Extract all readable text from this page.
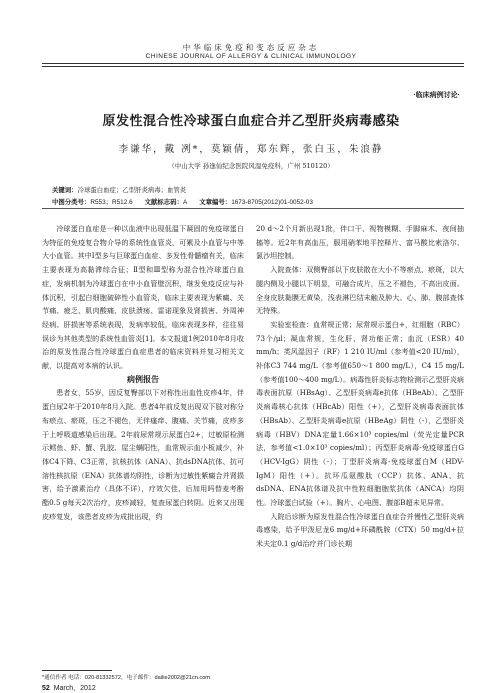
中华临床免疫和变态反应杂志
CHINESE JOURNAL OF ALLERGY & CLINICAL IMMUNOLOGY
·临床病例讨论·
原发性混合性冷球蛋白血症合并乙型肝炎病毒感染
李谦华，戴 冽*，莫颖倩，郑东辉，张白玉，朱浪静
（中山大学 孙逸仙纪念医院风湿免疫科，广州 510120）
关键词：冷球蛋白血症；乙型肝炎病毒；血管炎
中图分类号：R553；R512.6 文献标志码：A 文章编号：1673-8705(2012)01-0052-03

冷球蛋白血症是一种以血液中出现低温下凝固的免疫球蛋白为特征的免疫复合物介导的系统性血管炎，可累及小血管与中等大小血管。其中Ⅰ型多与巨球蛋白血症、多发性骨髓瘤有关，临床主要表现为高黏滞综合征；Ⅱ型和Ⅲ型称为混合性冷球蛋白血症，发病机制为冷球蛋白在中小血管壁沉积，继发免疫反应与补体沉积，引起白细胞破碎性小血管炎，临床主要表现为紫癜、关节痛、疲乏、肌肉酸痛、皮肤溃疡、雷诺现象及肾损害、外周神经病、肝损害等系统表现，发病率较低，临床表现多样，往往易误诊为其他类型的系统性血管炎[1]。本文报道1例2010年8月收治的原发性混合性冷球蛋白血症患者的临床资料并复习相关文献，以提高对本病的认识。

病例报告

患者女，55岁，因反复臀部以下对称性出血性皮疹4年，伴蛋白尿2年于2010年8月入院。患者4年前反复出现双下肢对称分布瘀点、瘀斑，压之不褪色，无伴瘙痒、腹痛、关节痛，皮疹多于上呼吸道感染后出现。2年前尿常规示尿蛋白2+，过敏原检测示鳕鱼、虾、蟹、乳胶、屋尘螨阳性，血常规示血小板减少，补体C4下降、C3正常，抗核抗体（ANA）、抗dsDNA抗体、抗可溶性核抗原（ENA）抗体谱均阴性，诊断为过敏性紫癜合并肾损害，给予激素治疗（具体不详），疗效欠佳，后加用吗替麦考酚酯0.5 g每天2次治疗，皮疹减轻，复查尿蛋白转阴。近来又出现皮疹复发，该患者皮疹为成批出现，约

20 d～2个月新出现1批，伴口干、视物模糊、手脚麻木、夜间抽搐等。近2年有高血压，服用硝苯地平控释片、富马酸比索洛尔、氯沙坦控制。

入院查体：双侧臀部以下皮肤散在大小不等瘀点、瘀斑，以大腿内侧及小腿以下明显，可融合成片，压之不褪色，不高出皮面。全身皮肤黏膜无黄染，浅表淋巴结未触及肿大。心、肺、腹部查体无特殊。

实验室检查：血常规正常；尿常规示蛋白+，红细胞（RBC）73个/μl；凝血常规，生化肝、肾功能正常；血沉（ESR）40 mm/h；类风湿因子（RF）1 210 IU/ml（参考值<20 IU/ml），补体C3 744 mg/L（参考值650～1 800 mg/L），C4 15 mg/L（参考值100～400 mg/L）。病毒性肝炎标志物检测示乙型肝炎病毒表面抗原（HBsAg）、乙型肝炎病毒e抗体（HBeAb）、乙型肝炎病毒核心抗体（HBcAb）阳性（+），乙型肝炎病毒表面抗体（HBsAb）、乙型肝炎病毒e抗原（HBeAg）阴性（-），乙型肝炎病毒（HBV）DNA定量1.66×10³ copies/ml（荧光定量PCR法，参考值<1.0×10³ copies/ml）；丙型肝炎病毒-免疫球蛋白G（HCV-IgG）阴性（-）；丁型肝炎病毒-免疫球蛋白M（HDV-IgM）阳性（+）。抗环瓜氨酸肽（CCP）抗体、ANA、抗dsDNA、ENA抗体谱及抗中性粒细胞胞浆抗体（ANCA）均阴性。冷球蛋白试验（+）。胸片、心电图、腹部B超未见异常。

入院后诊断为原发性混合性冷球蛋白血症合并慢性乙型肝炎病毒感染，给予甲泼尼龙6 mg/d+环磷酰胺（CTX）50 mg/d+拉米夫定0.1 g/d治疗并门诊长期

*通信作者 电话：020-81332572，电子邮件：dailie2002@21cn.com
52 March，2012
